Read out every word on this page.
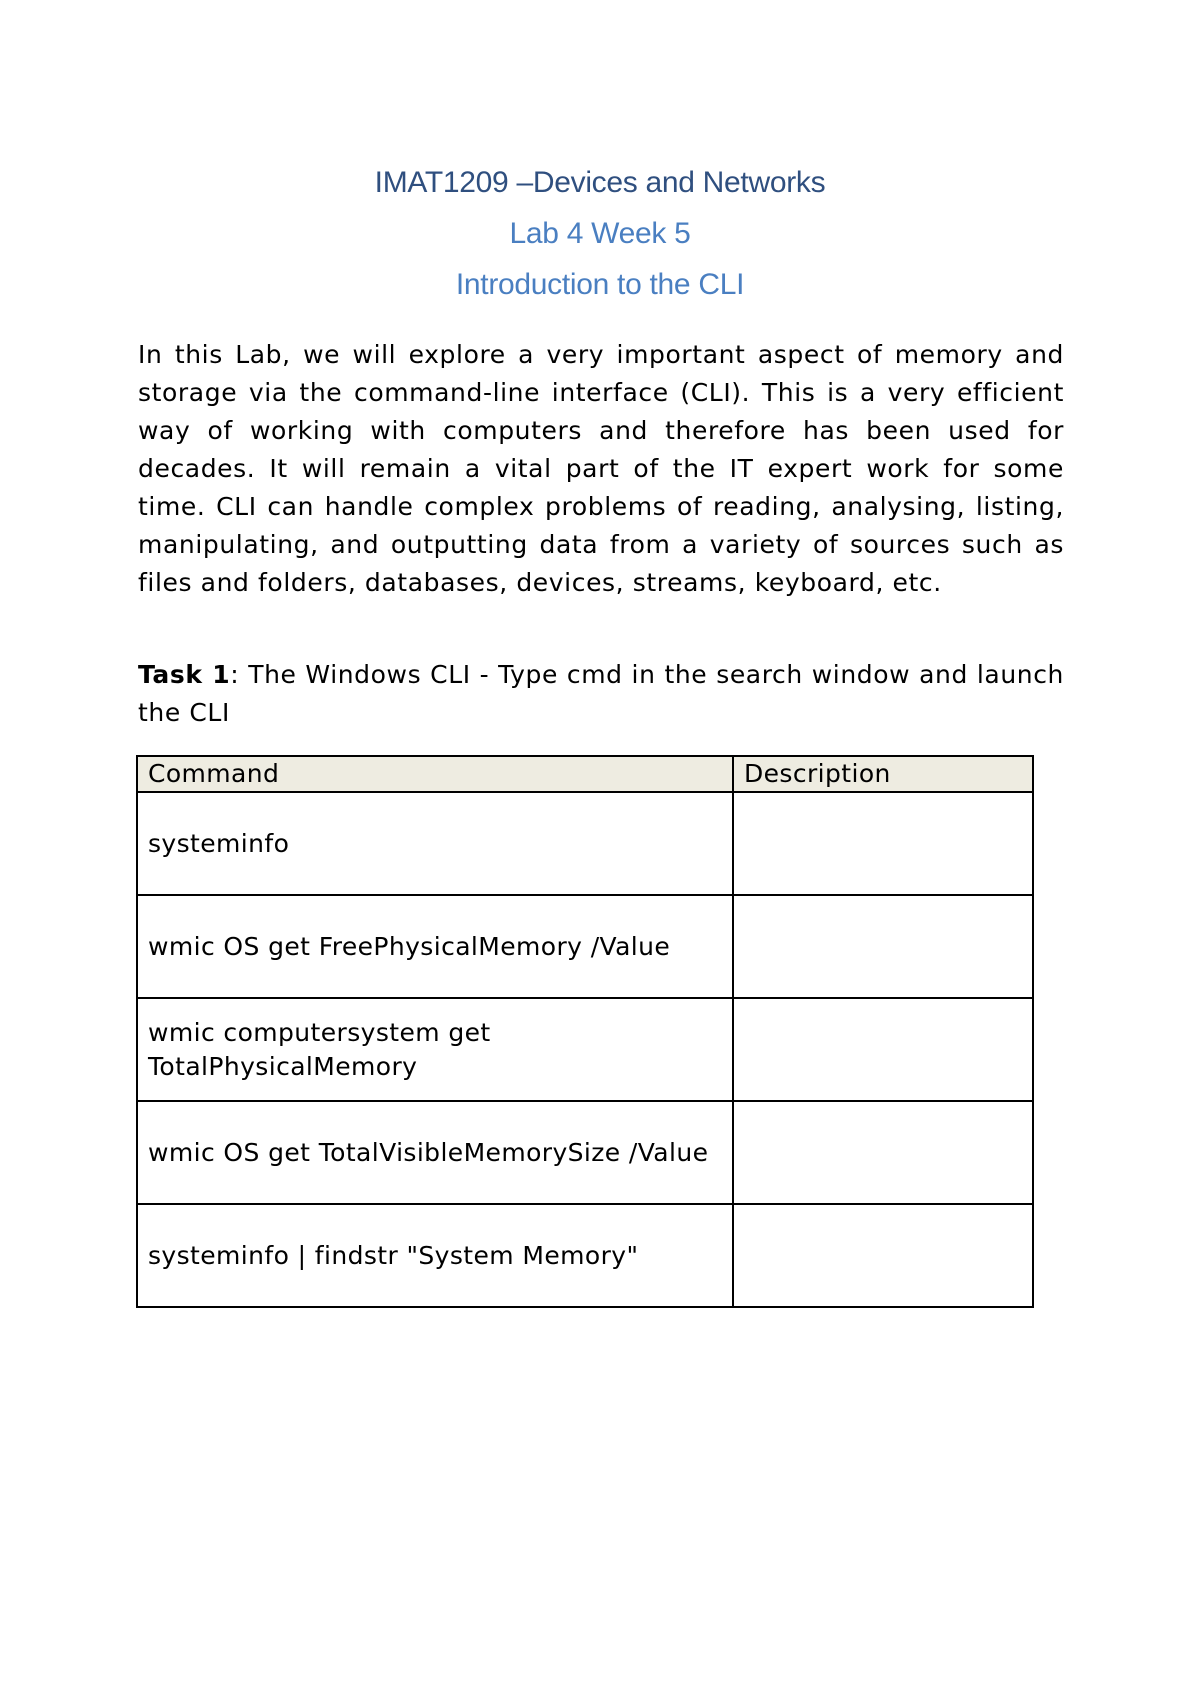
IMAT1209 –Devices and Networks
Lab 4 Week 5
Introduction to the CLI

In this Lab, we will explore a very important aspect of memory and storage via the command-line interface (CLI). This is a very efficient way of working with computers and therefore has been used for decades. It will remain a vital part of the IT expert work for some time. CLI can handle complex problems of reading, analysing, listing, manipulating, and outputting data from a variety of sources such as files and folders, databases, devices, streams, keyboard, etc.

Task 1: The Windows CLI - Type cmd in the search window and launch the CLI

Command	Description
systeminfo	
wmic OS get FreePhysicalMemory /Value	
wmic computersystem get TotalPhysicalMemory	
wmic OS get TotalVisibleMemorySize /Value	
systeminfo | findstr "System Memory"	
